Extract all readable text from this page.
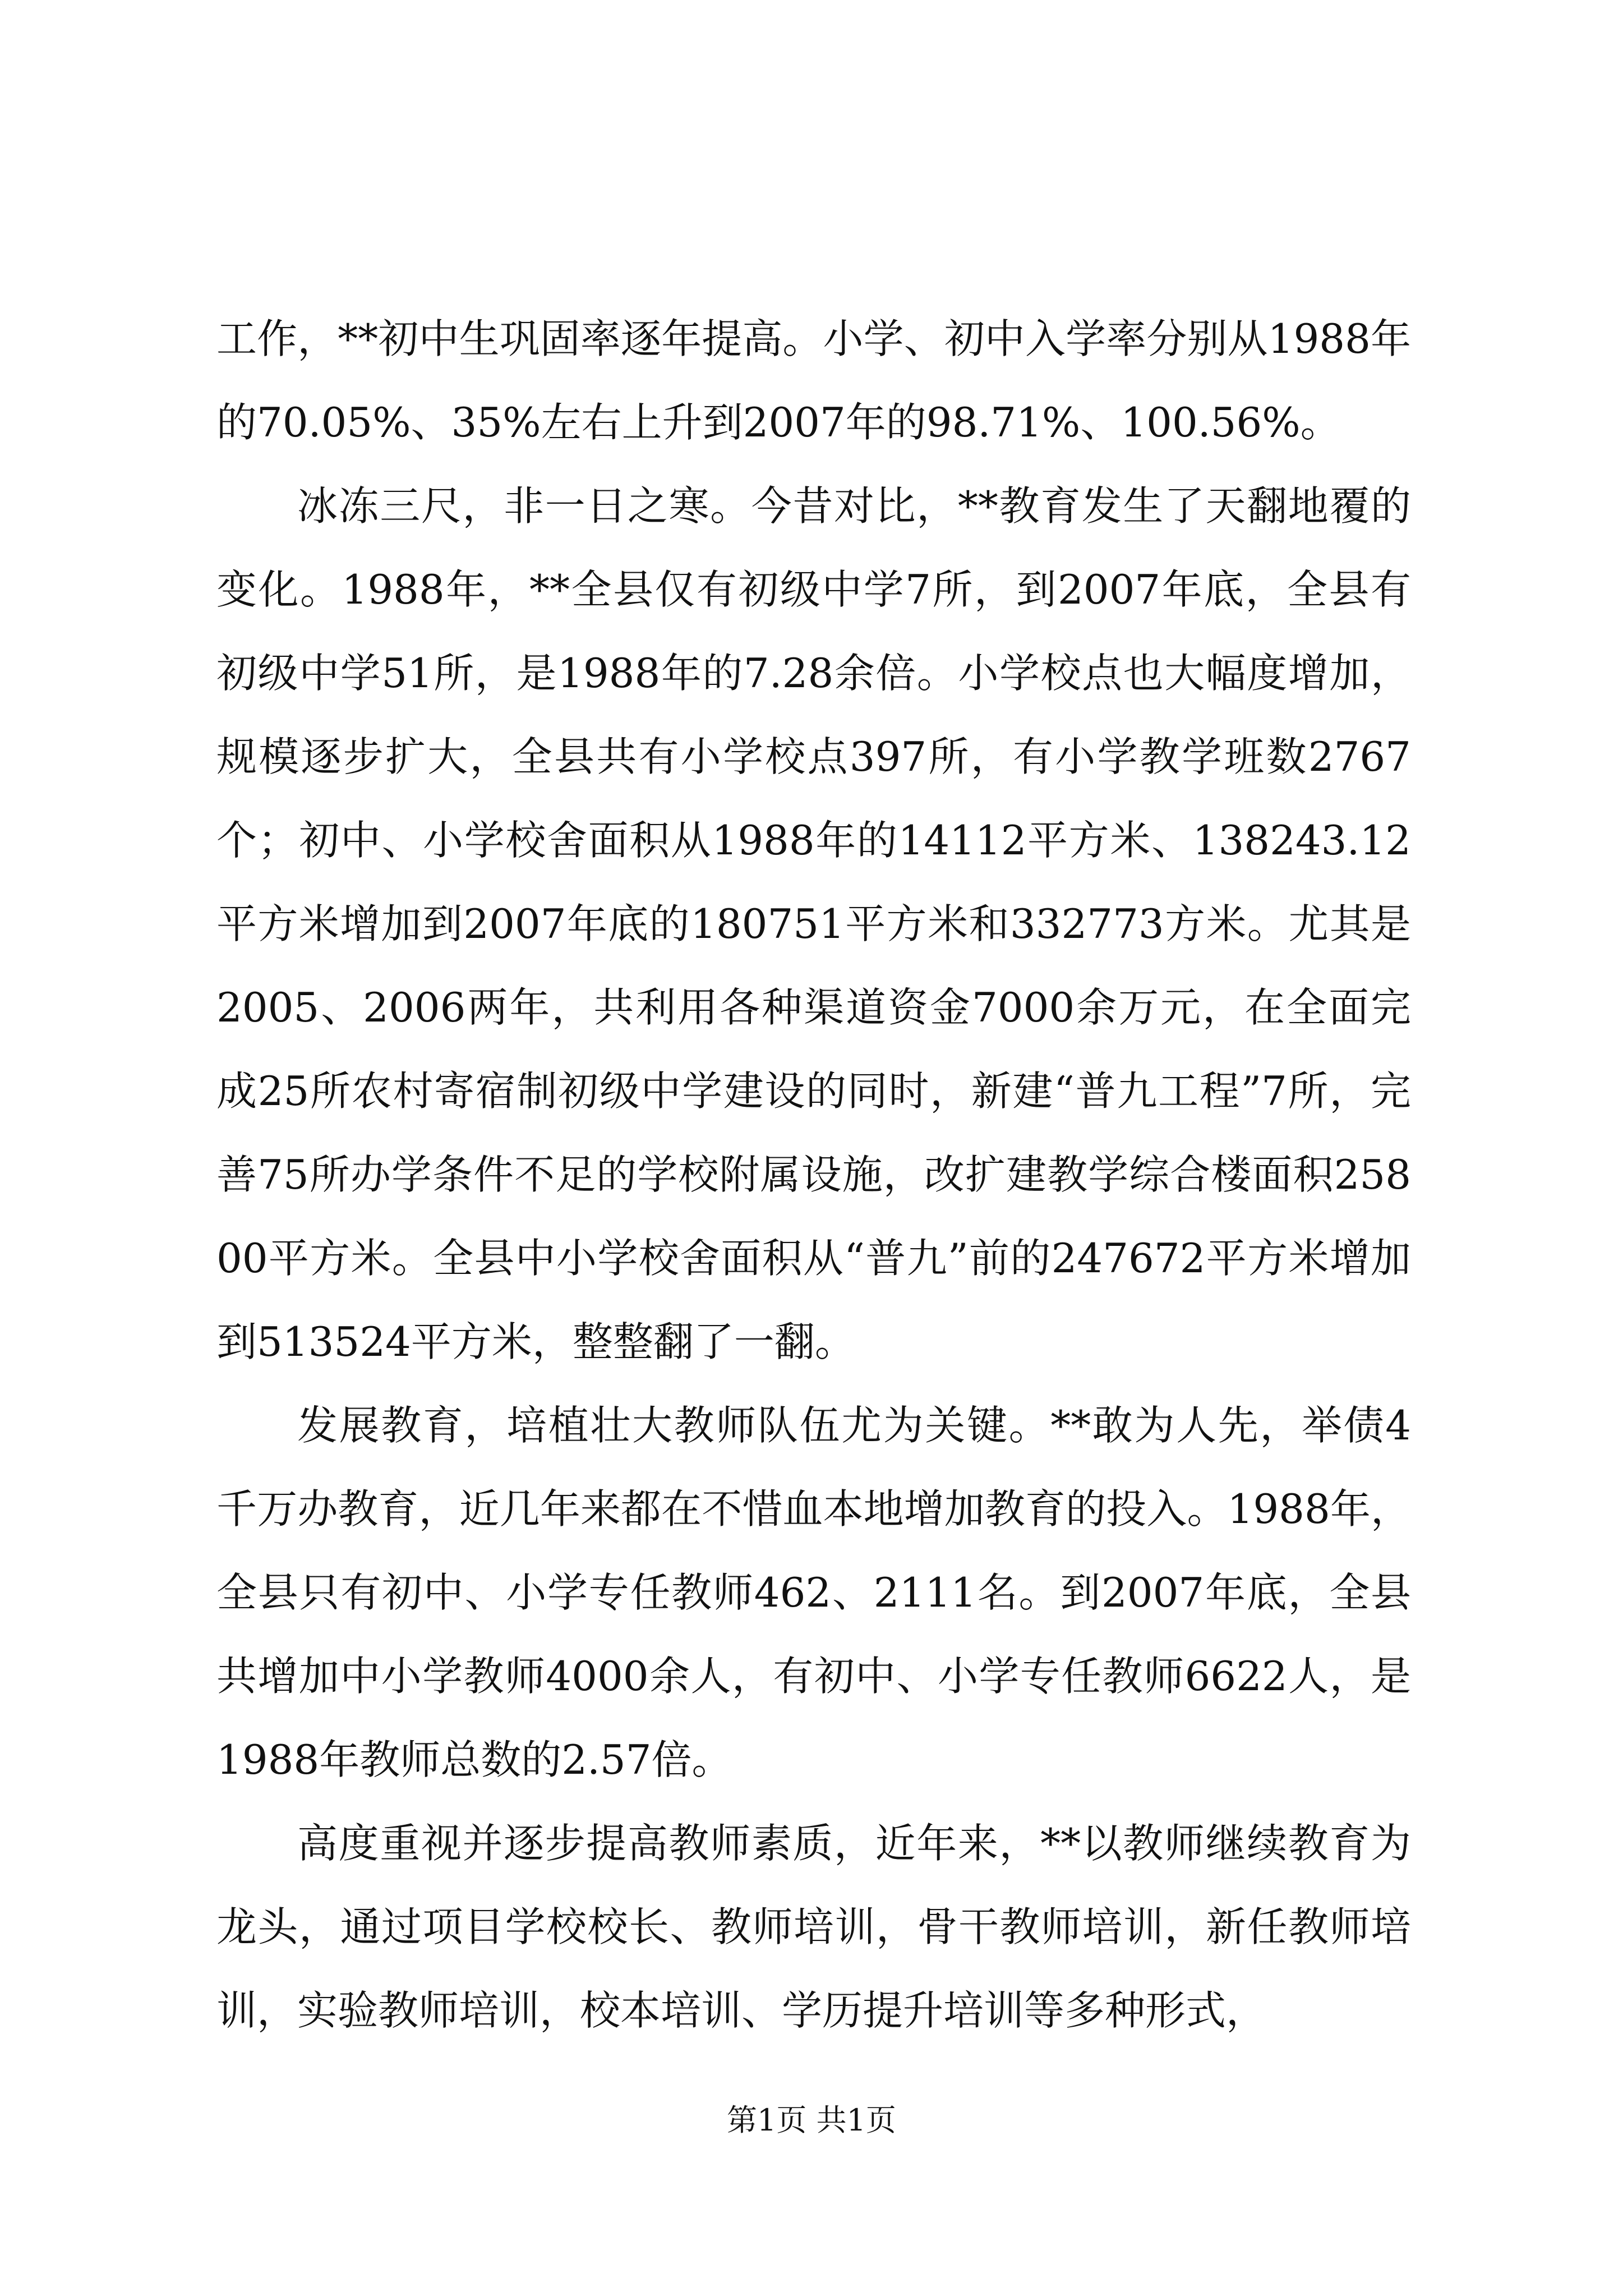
工作，**初中生巩固率逐年提高。小学、初中入学率分别从1988年的70.05%、35%左右上升到2007年的98.71%、100.56%。

冰冻三尺，非一日之寒。今昔对比，**教育发生了天翻地覆的变化。1988年，**全县仅有初级中学7所，到2007年底，全县有初级中学51所，是1988年的7.28余倍。小学校点也大幅度增加，规模逐步扩大，全县共有小学校点397所，有小学教学班数2767个；初中、小学校舍面积从1988年的14112平方米、138243.12平方米增加到2007年底的180751平方米和332773方米。尤其是2005、2006两年，共利用各种渠道资金7000余万元，在全面完成25所农村寄宿制初级中学建设的同时，新建“普九工程”7所，完善75所办学条件不足的学校附属设施，改扩建教学综合楼面积25800平方米。全县中小学校舍面积从“普九”前的247672平方米增加到513524平方米，整整翻了一翻。

发展教育，培植壮大教师队伍尤为关键。**敢为人先，举债4千万办教育，近几年来都在不惜血本地增加教育的投入。1988年，全县只有初中、小学专任教师462、2111名。到2007年底，全县共增加中小学教师4000余人，有初中、小学专任教师6622人，是1988年教师总数的2.57倍。

高度重视并逐步提高教师素质，近年来，**以教师继续教育为龙头，通过项目学校校长、教师培训，骨干教师培训，新任教师培训，实验教师培训，校本培训、学历提升培训等多种形式，

第1页 共1页
